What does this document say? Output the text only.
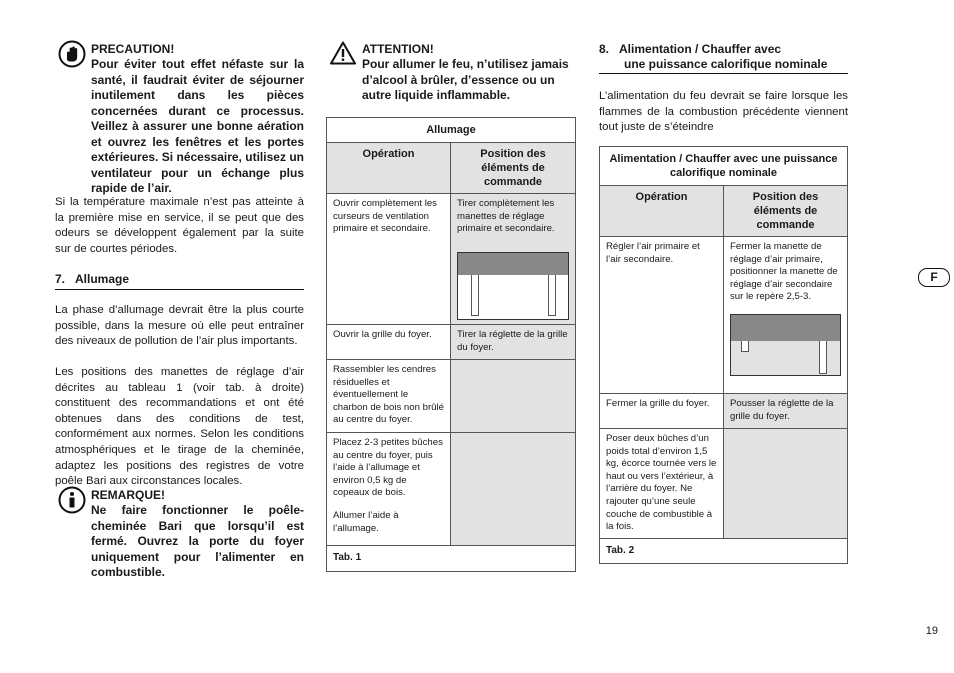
PRECAUTION!
Pour éviter tout effet néfaste sur la santé, il faudrait éviter de séjourner inutilement dans les pièces concernées durant ce processus. Veillez à assurer une bonne aération et ouvrez les fenêtres et les portes extérieures. Si nécessaire, utilisez un ventilateur pour un échange plus rapide de l’air.
Si la température maximale n’est pas atteinte à la première mise en service, il se peut que des odeurs se développent également par la suite sur de courtes périodes.
7.   Allumage
La phase d’allumage devrait être la plus courte possible, dans la mesure où elle peut entraîner des niveaux de pollution de l’air plus importants.
Les positions des manettes de réglage d’air décrites au tableau 1 (voir tab. à droite) constituent des recommandations et ont été obtenues dans des conditions de test, conformément aux normes. Selon les conditions atmosphériques et le tirage de la cheminée, adaptez les positions des registres de votre poêle Bari aux circonstances locales.
REMARQUE!
Ne faire fonctionner le poêle-cheminée Bari que lorsqu’il est fermé. Ouvrez la porte du foyer uniquement pour l’alimenter en combustible.
ATTENTION!
Pour allumer le feu, n’utilisez jamais d’alcool à brûler, d’essence ou un autre liquide inflammable.
Allumage	
Opération	Position des éléments de commande
Ouvrir complètement les curseurs de ventilation primaire et secondaire.	Tirer complètement les manettes de réglage primaire et secondaire.

Ouvrir la grille du foyer.	Tirer la réglette de la grille du foyer.
Rassembler les cendres résiduelles et éventuellement le charbon de bois non brûlé au centre du foyer.	

Placez 2-3 petites bûches au centre du foyer, puis l’aide à l’allumage et environ 0,5 kg de copeaux de bois.
Allumer l’aide à l’allumage.	

Tab. 1	
8.   Alimentation / Chauffer avec
une puissance calorifique nominale
L’alimentation du feu devrait se faire lorsque les flammes de la combustion précédente viennent tout juste de s’éteindre
Alimentation / Chauffer avec une puissance calorifique nominale	
Opération	Position des éléments de commande
Régler l’air primaire et l’air secondaire.	Fermer la manette de réglage d’air primaire, positionner la manette de réglage d’air secondaire sur le repère 2,5-3.

Fermer la grille du foyer.	Pousser la réglette de la grille du foyer.
Poser deux bûches d’un poids total d’environ 1,5 kg, écorce tournée vers le haut ou vers l’extérieur, à l’arrière du foyer. Ne rajouter qu’une seule couche de combustible à la fois.	
Tab. 2	
F
19
